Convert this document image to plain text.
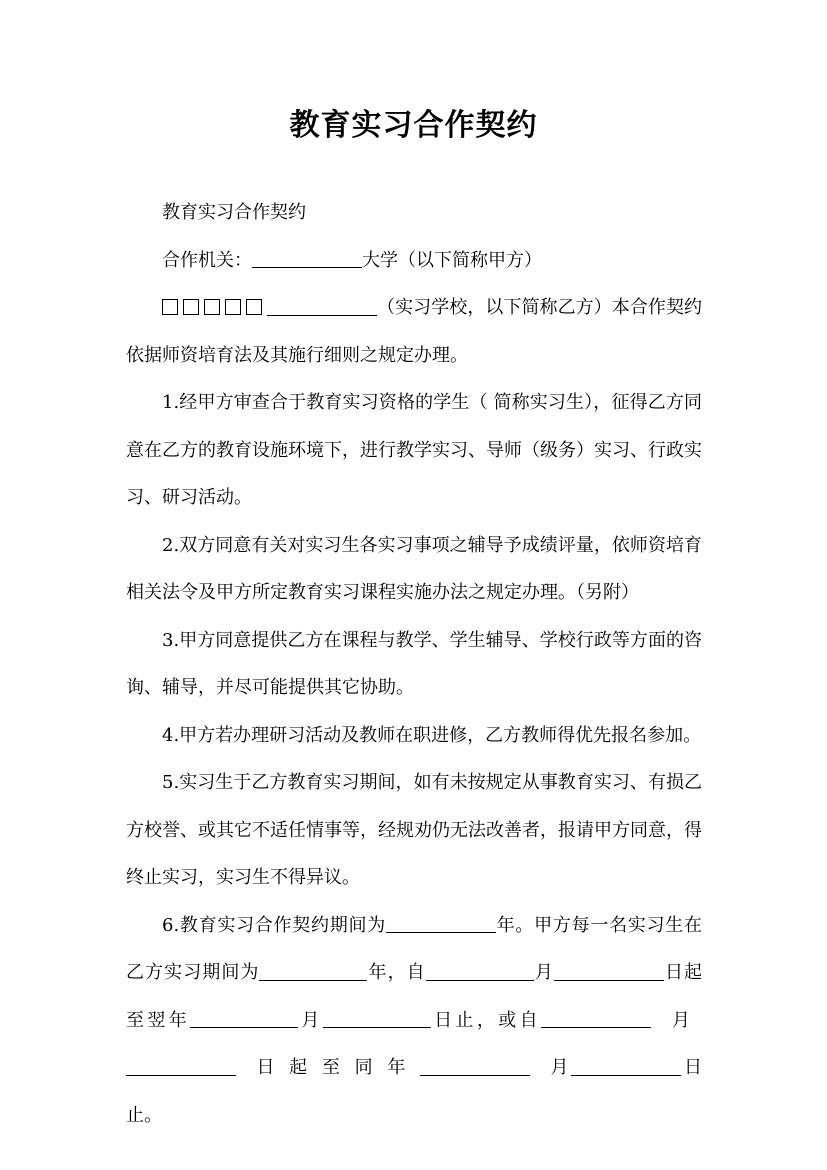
教育实习合作契约

教育实习合作契约

合作机关：	大学（以下简称甲方）

（实习学校，以下简称乙方）本合作契约依据师资培育法及其施行细则之规定办理。

1.经甲方审查合于教育实习资格的学生（ 简称实习生），征得乙方同意在乙方的教育设施环境下，进行教学实习、导师（级务）实习、行政实习、研习活动。

2.双方同意有关对实习生各实习事项之辅导予成绩评量，依师资培育相关法令及甲方所定教育实习课程实施办法之规定办理。（另附）

3.甲方同意提供乙方在课程与教学、学生辅导、学校行政等方面的咨询、辅导，并尽可能提供其它协助。

4.甲方若办理研习活动及教师在职进修，乙方教师得优先报名参加。

5.实习生于乙方教育实习期间，如有未按规定从事教育实习、有损乙方校誉、或其它不适任情事等，经规劝仍无法改善者，报请甲方同意，得终止实习，实习生不得异议。

6.教育实习合作契约期间为	年。甲方每一名实习生在乙方实习期间为	年，自	月	日起至翌年	月	日止，或自	月 日起至同年	月	日止。
